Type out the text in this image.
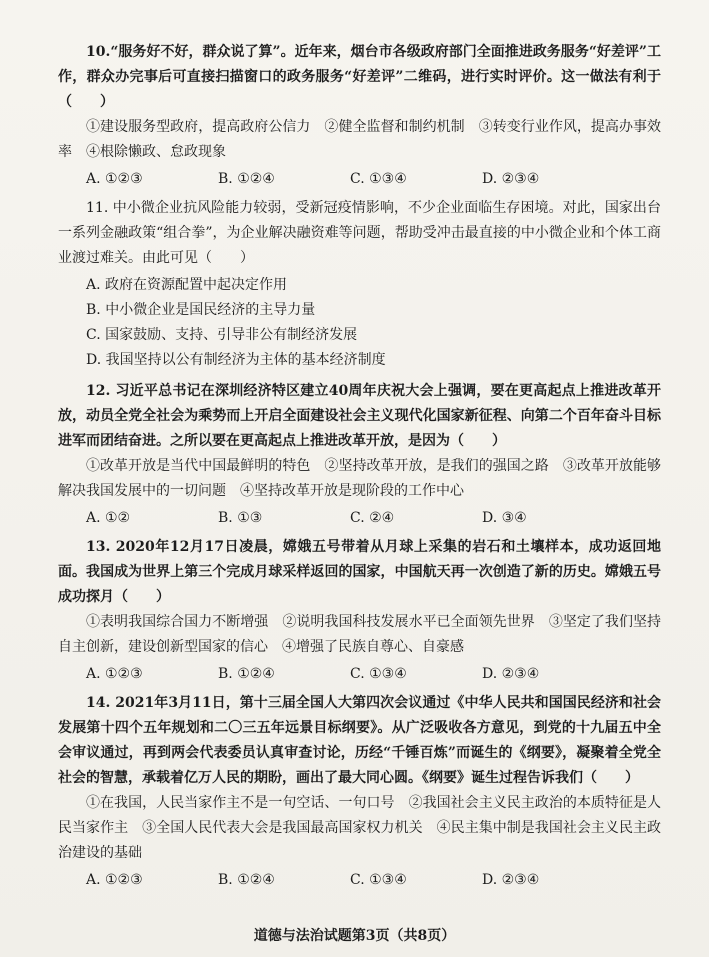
10.“服务好不好，群众说了算”。近年来，烟台市各级政府部门全面推进政务服务“好差评”工作，群众办完事后可直接扫描窗口的政务服务“好差评”二维码，进行实时评价。这一做法有利于（　　）

①建设服务型政府，提高政府公信力　②健全监督和制约机制　③转变行业作风，提高办事效率　④根除懒政、怠政现象

A. ①②③	B. ①②④	C. ①③④	D. ②③④

11. 中小微企业抗风险能力较弱，受新冠疫情影响，不少企业面临生存困境。对此，国家出台一系列金融政策“组合拳”，为企业解决融资难等问题，帮助受冲击最直接的中小微企业和个体工商业渡过难关。由此可见（　　）

A. 政府在资源配置中起决定作用

B. 中小微企业是国民经济的主导力量

C. 国家鼓励、支持、引导非公有制经济发展

D. 我国坚持以公有制经济为主体的基本经济制度

12. 习近平总书记在深圳经济特区建立40周年庆祝大会上强调，要在更高起点上推进改革开放，动员全党全社会为乘势而上开启全面建设社会主义现代化国家新征程、向第二个百年奋斗目标进军而团结奋进。之所以要在更高起点上推进改革开放，是因为（　　）

①改革开放是当代中国最鲜明的特色　②坚持改革开放，是我们的强国之路　③改革开放能够解决我国发展中的一切问题　④坚持改革开放是现阶段的工作中心

A. ①②	B. ①③	C. ②④	D. ③④

13. 2020年12月17日凌晨，嫦娥五号带着从月球上采集的岩石和土壤样本，成功返回地面。我国成为世界上第三个完成月球采样返回的国家，中国航天再一次创造了新的历史。嫦娥五号成功探月（　　）

①表明我国综合国力不断增强　②说明我国科技发展水平已全面领先世界　③坚定了我们坚持自主创新，建设创新型国家的信心　④增强了民族自尊心、自豪感

A. ①②③	B. ①②④	C. ①③④	D. ②③④

14. 2021年3月11日，第十三届全国人大第四次会议通过《中华人民共和国国民经济和社会发展第十四个五年规划和二〇三五年远景目标纲要》。从广泛吸收各方意见，到党的十九届五中全会审议通过，再到两会代表委员认真审查讨论，历经“千锤百炼”而诞生的《纲要》，凝聚着全党全社会的智慧，承载着亿万人民的期盼，画出了最大同心圆。《纲要》诞生过程告诉我们（　　）

①在我国，人民当家作主不是一句空话、一句口号　②我国社会主义民主政治的本质特征是人民当家作主　③全国人民代表大会是我国最高国家权力机关　④民主集中制是我国社会主义民主政治建设的基础

A. ①②③	B. ①②④	C. ①③④	D. ②③④
道德与法治试题第3页（共8页）
